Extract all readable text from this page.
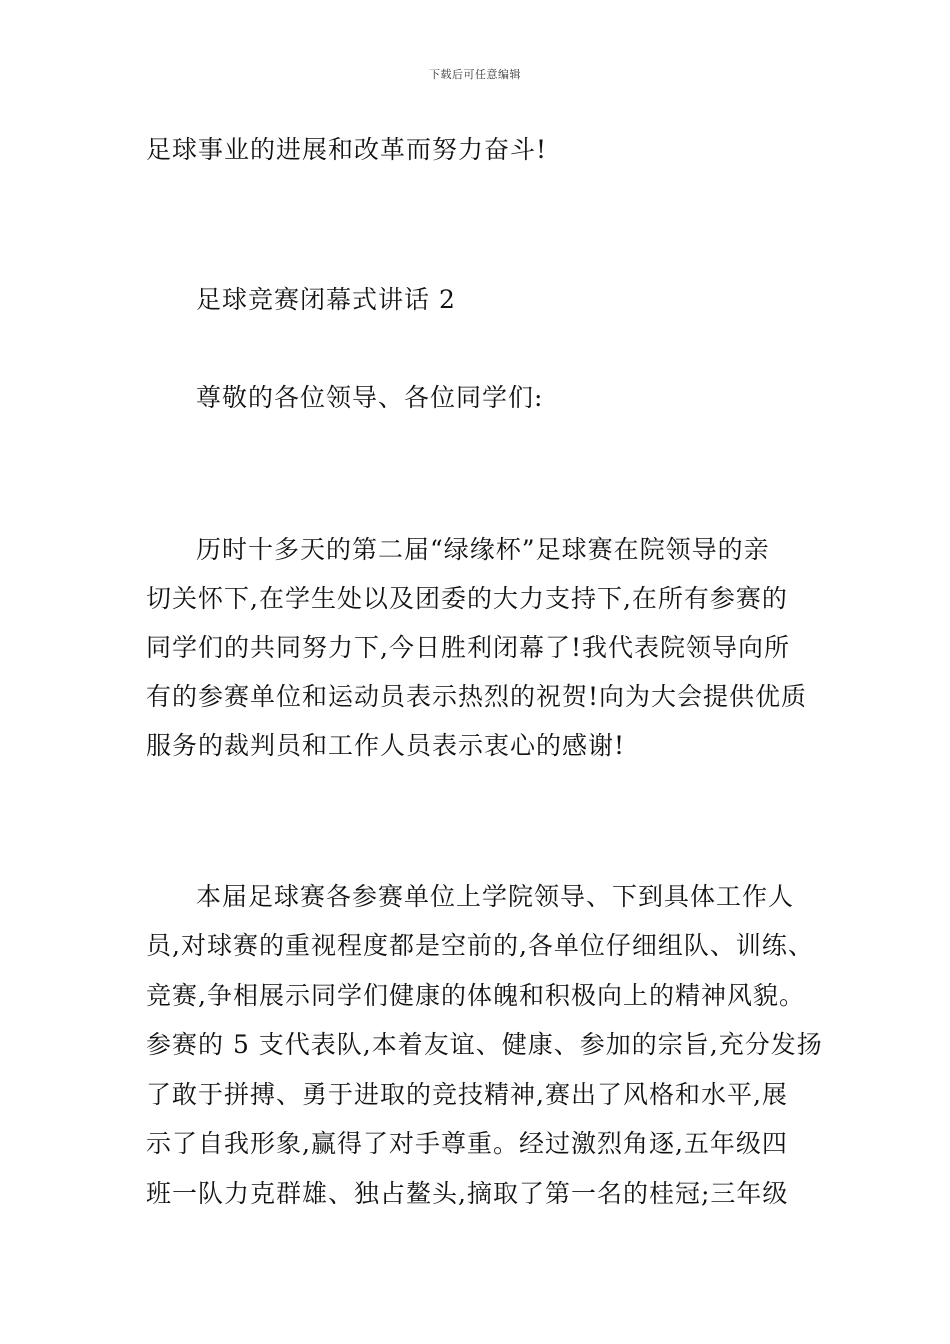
下载后可任意编辑
足球事业的进展和改革而努力奋斗!
足球竞赛闭幕式讲话 2
尊敬的各位领导、各位同学们:
历时十多天的第二届“绿缘杯”足球赛在院领导的亲
切关怀下,在学生处以及团委的大力支持下,在所有参赛的
同学们的共同努力下,今日胜利闭幕了!我代表院领导向所
有的参赛单位和运动员表示热烈的祝贺!向为大会提供优质
服务的裁判员和工作人员表示衷心的感谢!
本届足球赛各参赛单位上学院领导、下到具体工作人
员,对球赛的重视程度都是空前的,各单位仔细组队、训练、
竞赛,争相展示同学们健康的体魄和积极向上的精神风貌。
参赛的 5 支代表队,本着友谊、健康、参加的宗旨,充分发扬
了敢于拼搏、勇于进取的竞技精神,赛出了风格和水平,展
示了自我形象,赢得了对手尊重。经过激烈角逐,五年级四
班一队力克群雄、独占鳌头,摘取了第一名的桂冠;三年级
